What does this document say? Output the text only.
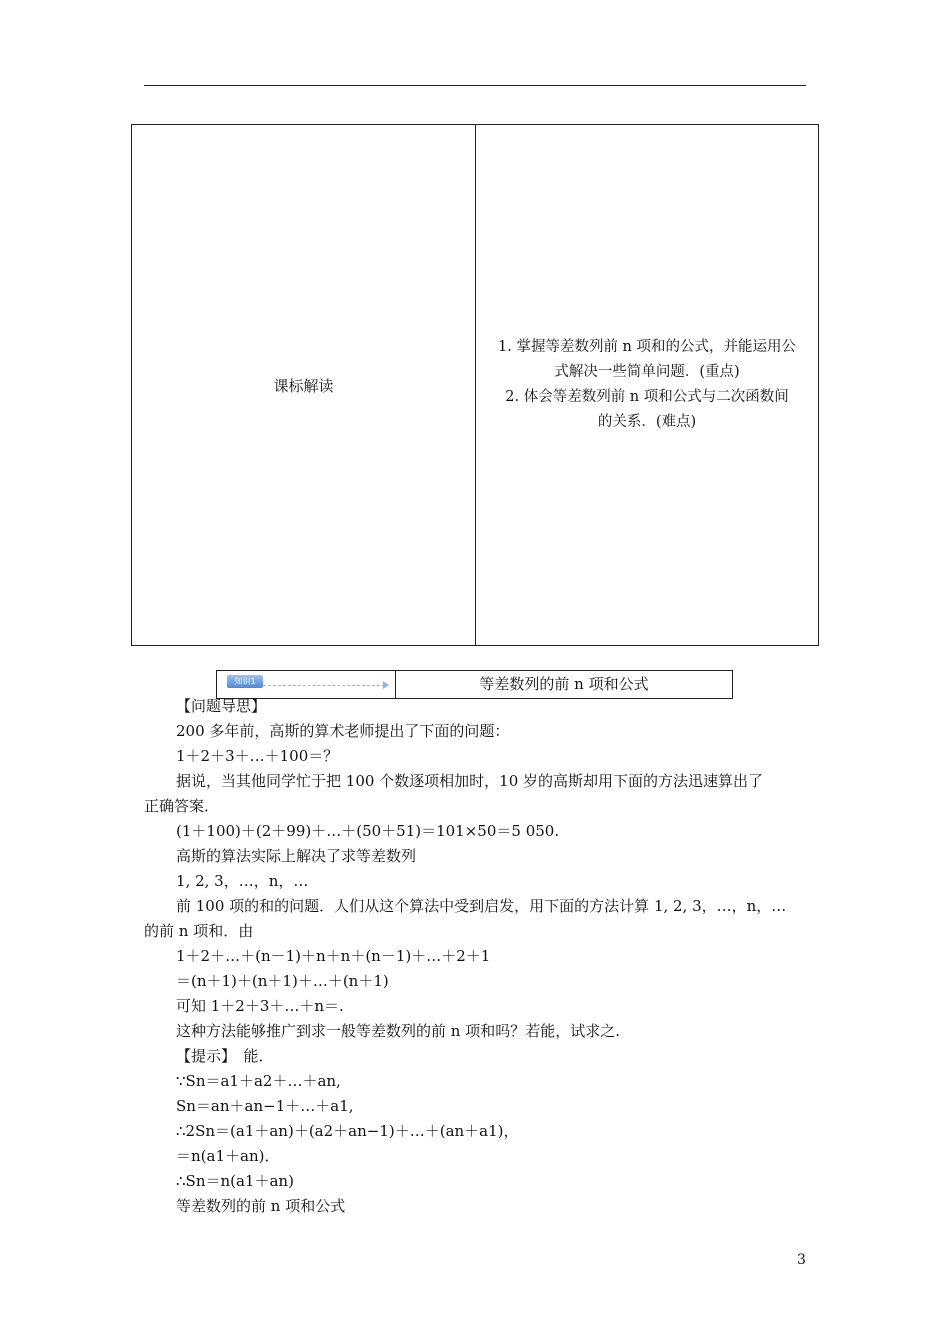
课标解读
1. 掌握等差数列前 n 项和的公式，并能运用公
式解决一些简单问题．(重点)
2. 体会等差数列前 n 项和公式与二次函数间
的关系．(难点)
知识1	等差数列的前 n 项和公式

【问题导思】

200 多年前，高斯的算术老师提出了下面的问题：

1＋2＋3＋…＋100＝？

据说，当其他同学忙于把 100 个数逐项相加时，10 岁的高斯却用下面的方法迅速算出了

正确答案．

(1＋100)＋(2＋99)＋…＋(50＋51)＝101×50＝5 050.

高斯的算法实际上解决了求等差数列

1, 2, 3，…，n，…

前 100 项的和的问题．人们从这个算法中受到启发，用下面的方法计算 1, 2, 3，…，n，…

的前 n 项和．由

1＋2＋…＋(n－1)＋n＋n＋(n－1)＋…＋2＋1

＝(n＋1)＋(n＋1)＋…＋(n＋1)

可知 1＋2＋3＋…＋n＝.

这种方法能够推广到求一般等差数列的前 n 项和吗？若能，试求之.

【提示】　能．

∵Sn＝a1＋a2＋…＋an,

Sn＝an＋an−1＋…＋a1,

∴2Sn＝(a1＋an)＋(a2＋an−1)＋…＋(an＋a1)，

＝n(a1＋an)．

∴Sn＝n(a1＋an)

等差数列的前 n 项和公式

3
